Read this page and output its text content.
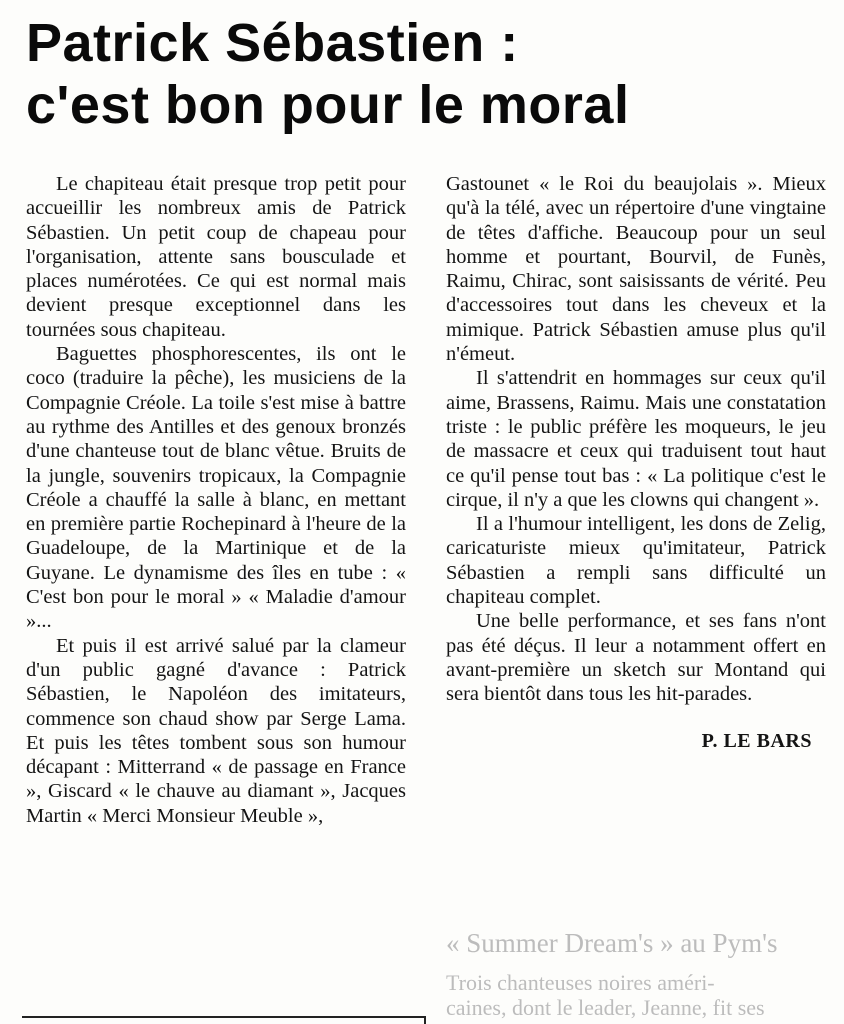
Patrick Sébastien :
c'est bon pour le moral

Le chapiteau était presque trop petit pour accueillir les nombreux amis de Patrick Sébastien. Un petit coup de chapeau pour l'organisation, attente sans bousculade et places numérotées. Ce qui est normal mais devient presque exceptionnel dans les tournées sous chapiteau.

Baguettes phosphorescentes, ils ont le coco (traduire la pêche), les musiciens de la Compagnie Créole. La toile s'est mise à battre au rythme des Antilles et des genoux bronzés d'une chanteuse tout de blanc vêtue. Bruits de la jungle, souvenirs tropicaux, la Compagnie Créole a chauffé la salle à blanc, en mettant en première partie Rochepinard à l'heure de la Guadeloupe, de la Martinique et de la Guyane. Le dynamisme des îles en tube : « C'est bon pour le moral » « Maladie d'amour »...

Et puis il est arrivé salué par la clameur d'un public gagné d'avance : Patrick Sébastien, le Napoléon des imitateurs, commence son chaud show par Serge Lama. Et puis les têtes tombent sous son humour décapant : Mitterrand « de passage en France », Giscard « le chauve au diamant », Jacques Martin « Merci Monsieur Meuble »,

Gastounet « le Roi du beaujolais ». Mieux qu'à la télé, avec un répertoire d'une vingtaine de têtes d'affiche. Beaucoup pour un seul homme et pourtant, Bourvil, de Funès, Raimu, Chirac, sont saisissants de vérité. Peu d'accessoires tout dans les cheveux et la mimique. Patrick Sébastien amuse plus qu'il n'émeut.

Il s'attendrit en hommages sur ceux qu'il aime, Brassens, Raimu. Mais une constatation triste : le public préfère les moqueurs, le jeu de massacre et ceux qui traduisent tout haut ce qu'il pense tout bas : « La politique c'est le cirque, il n'y a que les clowns qui changent ».

Il a l'humour intelligent, les dons de Zelig, caricaturiste mieux qu'imitateur, Patrick Sébastien a rempli sans difficulté un chapiteau complet.

Une belle performance, et ses fans n'ont pas été déçus. Il leur a notamment offert en avant-première un sketch sur Montand qui sera bientôt dans tous les hit-parades.

P. LE BARS
« Summer Dream's » au Pym's
Trois chanteuses noires améri-
caines, dont le leader, Jeanne, fit ses
